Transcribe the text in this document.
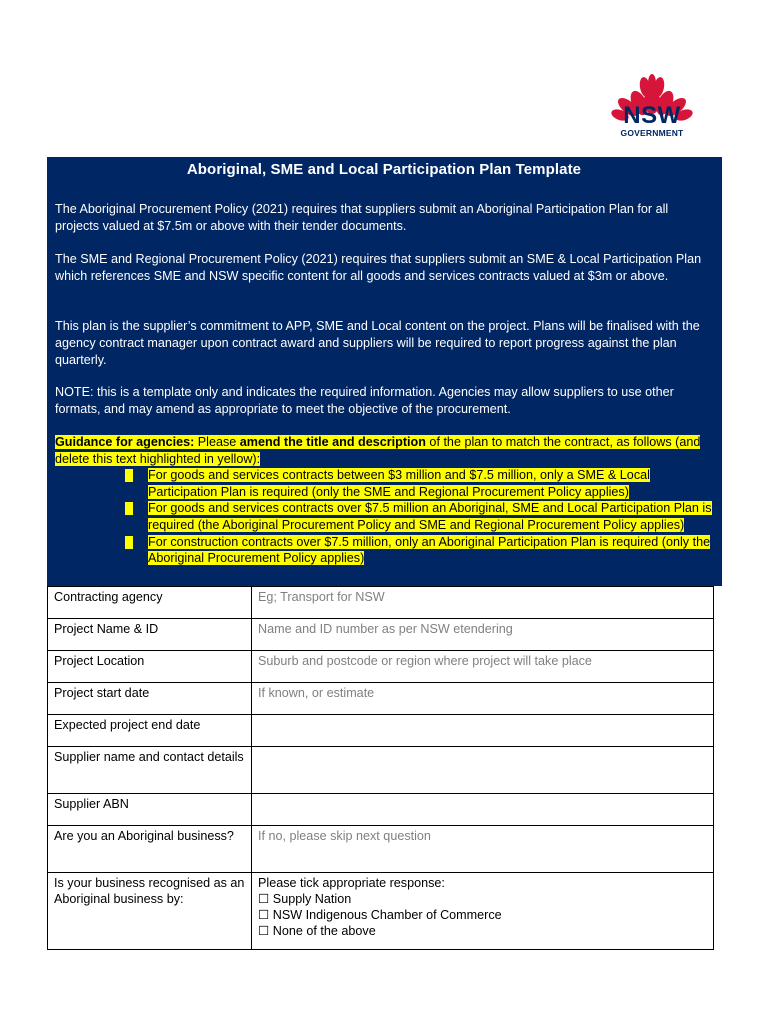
NSW
GOVERNMENT
Aboriginal, SME and Local Participation Plan Template

The Aboriginal Procurement Policy (2021) requires that suppliers submit an Aboriginal Participation Plan for all projects valued at $7.5m or above with their tender documents.

The SME and Regional Procurement Policy (2021) requires that suppliers submit an SME & Local Participation Plan which references SME and NSW specific content for all goods and services contracts valued at $3m or above.

This plan is the supplier’s commitment to APP, SME and Local content on the project. Plans will be finalised with the agency contract manager upon contract award and suppliers will be required to report progress against the plan quarterly.

NOTE: this is a template only and indicates the required information. Agencies may allow suppliers to use other formats, and may amend as appropriate to meet the objective of the procurement.

Guidance for agencies: Please amend the title and description of the plan to match the contract, as follows (and delete this text highlighted in yellow):
For goods and services contracts between $3 million and $7.5 million, only a SME & Local Participation Plan is required (only the SME and Regional Procurement Policy applies)
For goods and services contracts over $7.5 million an Aboriginal, SME and Local Participation Plan is required (the Aboriginal Procurement Policy and SME and Regional Procurement Policy applies)
For construction contracts over $7.5 million, only an Aboriginal Participation Plan is required (only the Aboriginal Procurement Policy applies)
Contracting agency	Eg; Transport for NSW
Project Name & ID	Name and ID number as per NSW etendering
Project Location	Suburb and postcode or region where project will take place
Project start date	If known, or estimate
Expected project end date	
Supplier name and contact details	
Supplier ABN	
Are you an Aboriginal business?	If no, please skip next question
Is your business recognised as an Aboriginal business by:	Please tick appropriate response:
☐ Supply Nation
☐ NSW Indigenous Chamber of Commerce
☐ None of the above
